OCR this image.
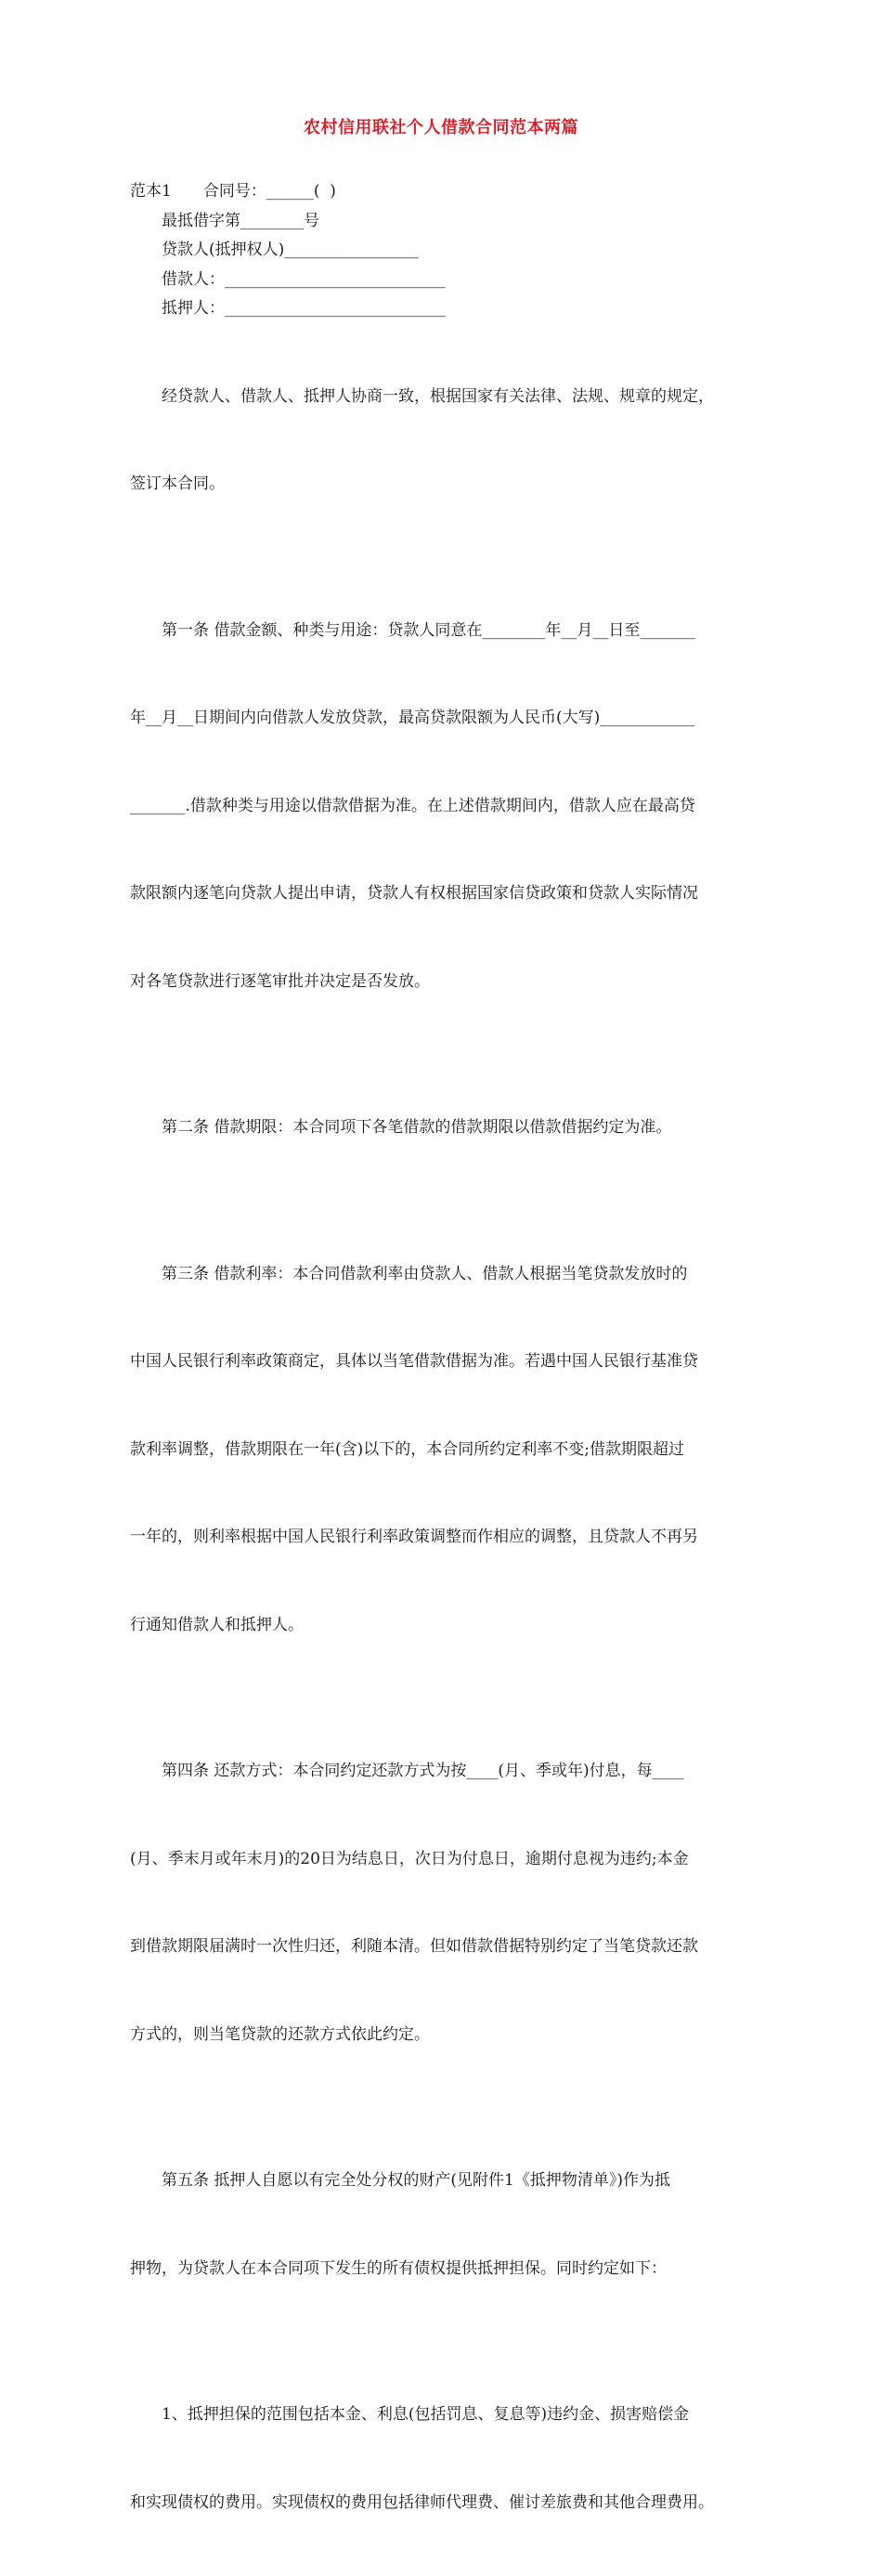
农村信用联社个人借款合同范本两篇
范本1　　合同号：______(  )
　　最抵借字第________号
　　贷款人(抵押权人)_________________
　　借款人：____________________________
　　抵押人：____________________________

　　经贷款人、借款人、抵押人协商一致，根据国家有关法律、法规、规章的规定，

签订本合同。

　　第一条 借款金额、种类与用途：贷款人同意在________年__月__日至_______

年__月__日期间内向借款人发放贷款，最高贷款限额为人民币(大写)____________

_______.借款种类与用途以借款借据为准。在上述借款期间内，借款人应在最高贷

款限额内逐笔向贷款人提出申请，贷款人有权根据国家信贷政策和贷款人实际情况

对各笔贷款进行逐笔审批并决定是否发放。

　　第二条 借款期限：本合同项下各笔借款的借款期限以借款借据约定为准。

　　第三条 借款利率：本合同借款利率由贷款人、借款人根据当笔贷款发放时的

中国人民银行利率政策商定，具体以当笔借款借据为准。若遇中国人民银行基准贷

款利率调整，借款期限在一年(含)以下的，本合同所约定利率不变;借款期限超过

一年的，则利率根据中国人民银行利率政策调整而作相应的调整，且贷款人不再另

行通知借款人和抵押人。

　　第四条 还款方式：本合同约定还款方式为按____(月、季或年)付息，每____

(月、季末月或年末月)的20日为结息日，次日为付息日，逾期付息视为违约;本金

到借款期限届满时一次性归还，利随本清。但如借款借据特别约定了当笔贷款还款

方式的，则当笔贷款的还款方式依此约定。

　　第五条 抵押人自愿以有完全处分权的财产(见附件1《抵押物清单》)作为抵

押物，为贷款人在本合同项下发生的所有债权提供抵押担保。同时约定如下：

　　1、抵押担保的范围包括本金、利息(包括罚息、复息等)违约金、损害赔偿金

和实现债权的费用。实现债权的费用包括律师代理费、催讨差旅费和其他合理费用。
